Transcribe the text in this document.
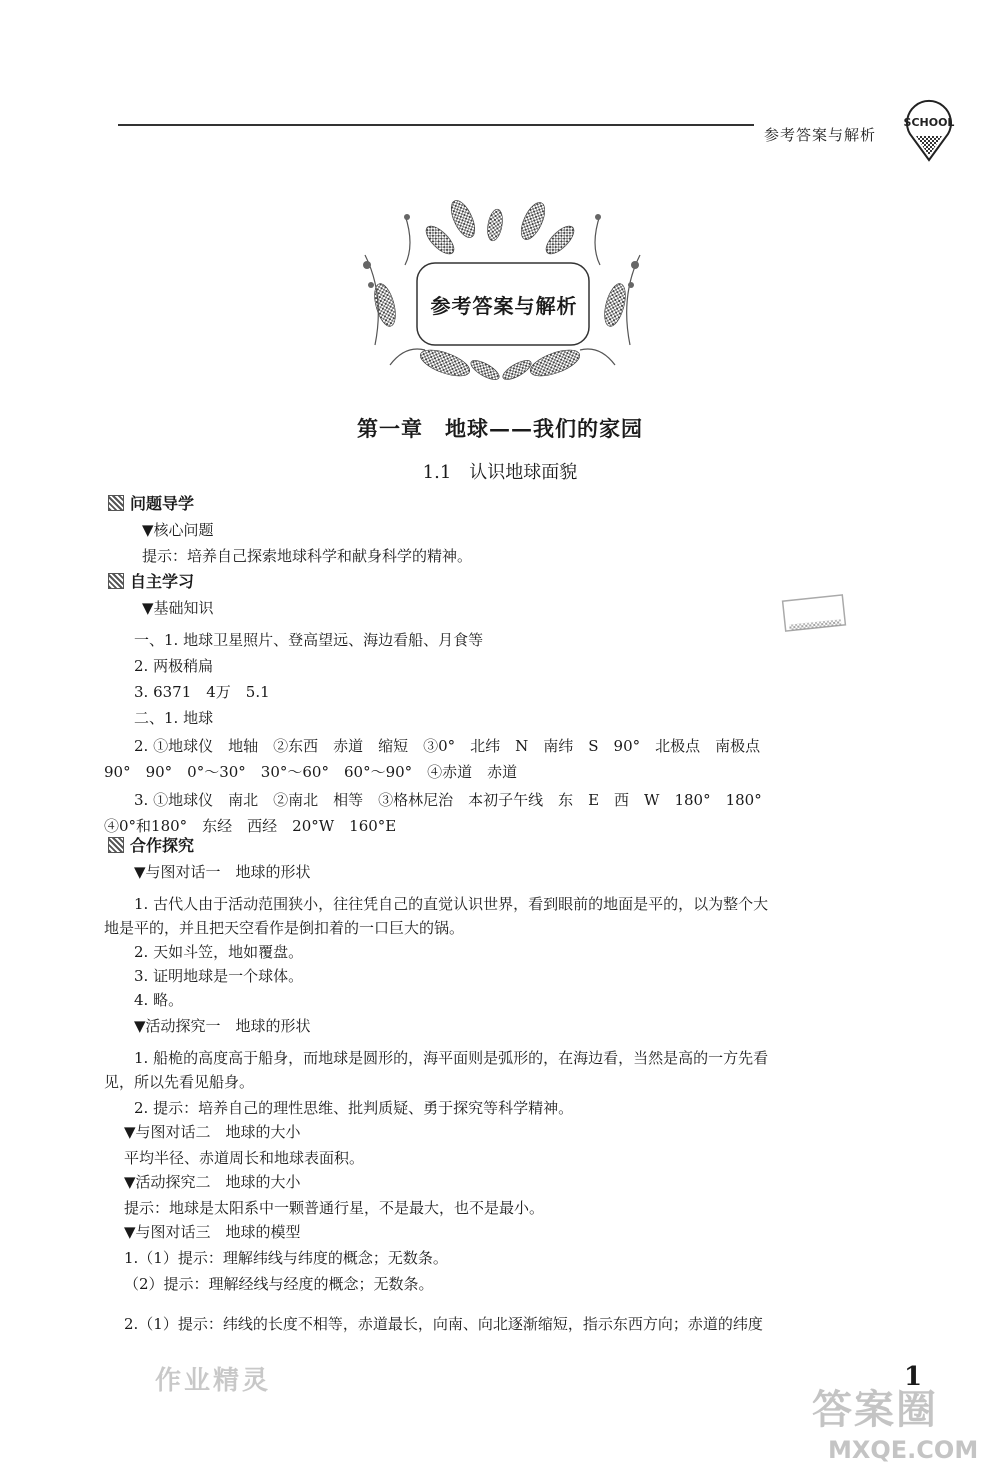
参考答案与解析
SCHOOL
参考答案与解析
第一章　地球——我们的家园
1.1　认识地球面貌
问题导学
▼核心问题
提示：培养自己探索地球科学和献身科学的精神。
自主学习
▼基础知识
一、1. 地球卫星照片、登高望远、海边看船、月食等
2. 两极稍扁
3. 6371　4万　5.1
二、1. 地球
2. ①地球仪　地轴　②东西　赤道　缩短　③0°　北纬　N　南纬　S　90°　北极点　南极点
90°　90°　0°～30°　30°～60°　60°～90°　④赤道　赤道
3. ①地球仪　南北　②南北　相等　③格林尼治　本初子午线　东　E　西　W　180°　180°
④0°和180°　东经　西经　20°W　160°E
合作探究
▼与图对话一　地球的形状
1. 古代人由于活动范围狭小，往往凭自己的直觉认识世界，看到眼前的地面是平的，以为整个大
地是平的，并且把天空看作是倒扣着的一口巨大的锅。
2. 天如斗笠，地如覆盘。
3. 证明地球是一个球体。
4. 略。
▼活动探究一　地球的形状
1. 船桅的高度高于船身，而地球是圆形的，海平面则是弧形的，在海边看，当然是高的一方先看
见，所以先看见船身。
2. 提示：培养自己的理性思维、批判质疑、勇于探究等科学精神。
▼与图对话二　地球的大小
平均半径、赤道周长和地球表面积。
▼活动探究二　地球的大小
提示：地球是太阳系中一颗普通行星，不是最大，也不是最小。
▼与图对话三　地球的模型
1.（1）提示：理解纬线与纬度的概念；无数条。
（2）提示：理解经线与经度的概念；无数条。
2.（1）提示：纬线的长度不相等，赤道最长，向南、向北逐渐缩短，指示东西方向；赤道的纬度
作业精灵	1
答案圈
MXQE.COM
